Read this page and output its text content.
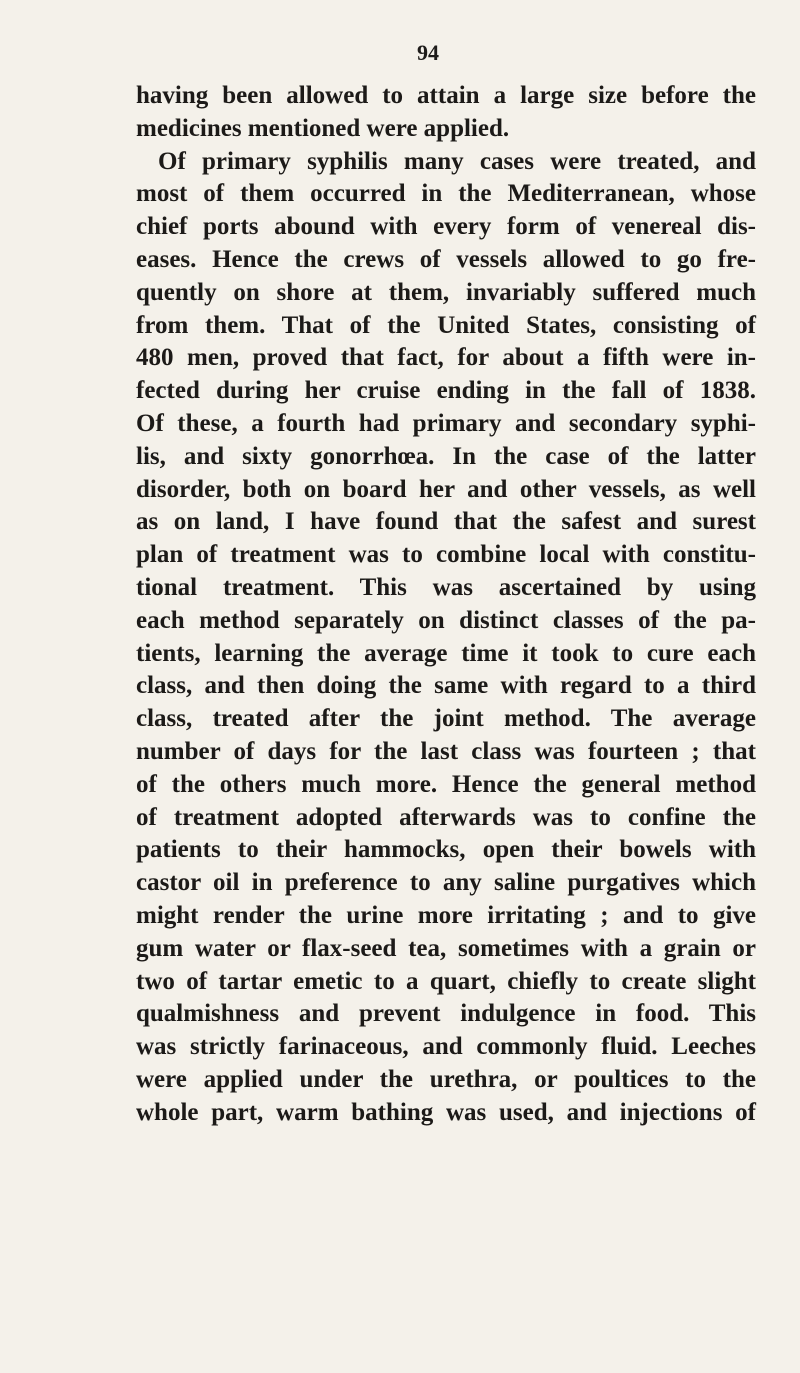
94
having been allowed to attain a large size before the
medicines mentioned were applied.
Of primary syphilis many cases were treated, and
most of them occurred in the Mediterranean, whose
chief ports abound with every form of venereal dis-
eases. Hence the crews of vessels allowed to go fre-
quently on shore at them, invariably suffered much
from them. That of the United States, consisting of
480 men, proved that fact, for about a fifth were in-
fected during her cruise ending in the fall of 1838.
Of these, a fourth had primary and secondary syphi-
lis, and sixty gonorrhœa. In the case of the latter
disorder, both on board her and other vessels, as well
as on land, I have found that the safest and surest
plan of treatment was to combine local with constitu-
tional treatment. This was ascertained by using
each method separately on distinct classes of the pa-
tients, learning the average time it took to cure each
class, and then doing the same with regard to a third
class, treated after the joint method. The average
number of days for the last class was fourteen ; that
of the others much more. Hence the general method
of treatment adopted afterwards was to confine the
patients to their hammocks, open their bowels with
castor oil in preference to any saline purgatives which
might render the urine more irritating ; and to give
gum water or flax-seed tea, sometimes with a grain or
two of tartar emetic to a quart, chiefly to create slight
qualmishness and prevent indulgence in food. This
was strictly farinaceous, and commonly fluid. Leeches
were applied under the urethra, or poultices to the
whole part, warm bathing was used, and injections of
